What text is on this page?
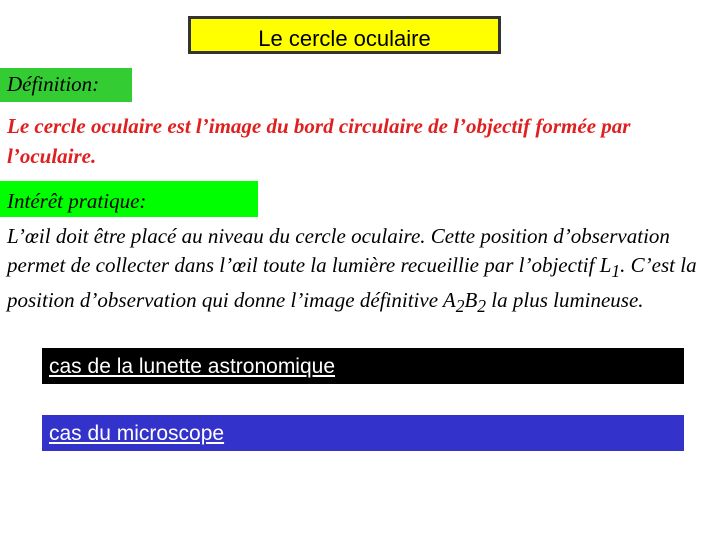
Le cercle oculaire
Définition:

Le cercle oculaire est l’image du bord circulaire de l’objectif formée par l’oculaire.

Intérêt pratique:

L’œil doit être placé au niveau du cercle oculaire. Cette position d’observation permet de collecter dans l’œil toute la lumière recueillie par l’objectif $L_1$. C’est la position d’observation qui donne l’image définitive $A_2B_2$ la plus lumineuse.

cas de la lunette astronomique
cas du microscope
